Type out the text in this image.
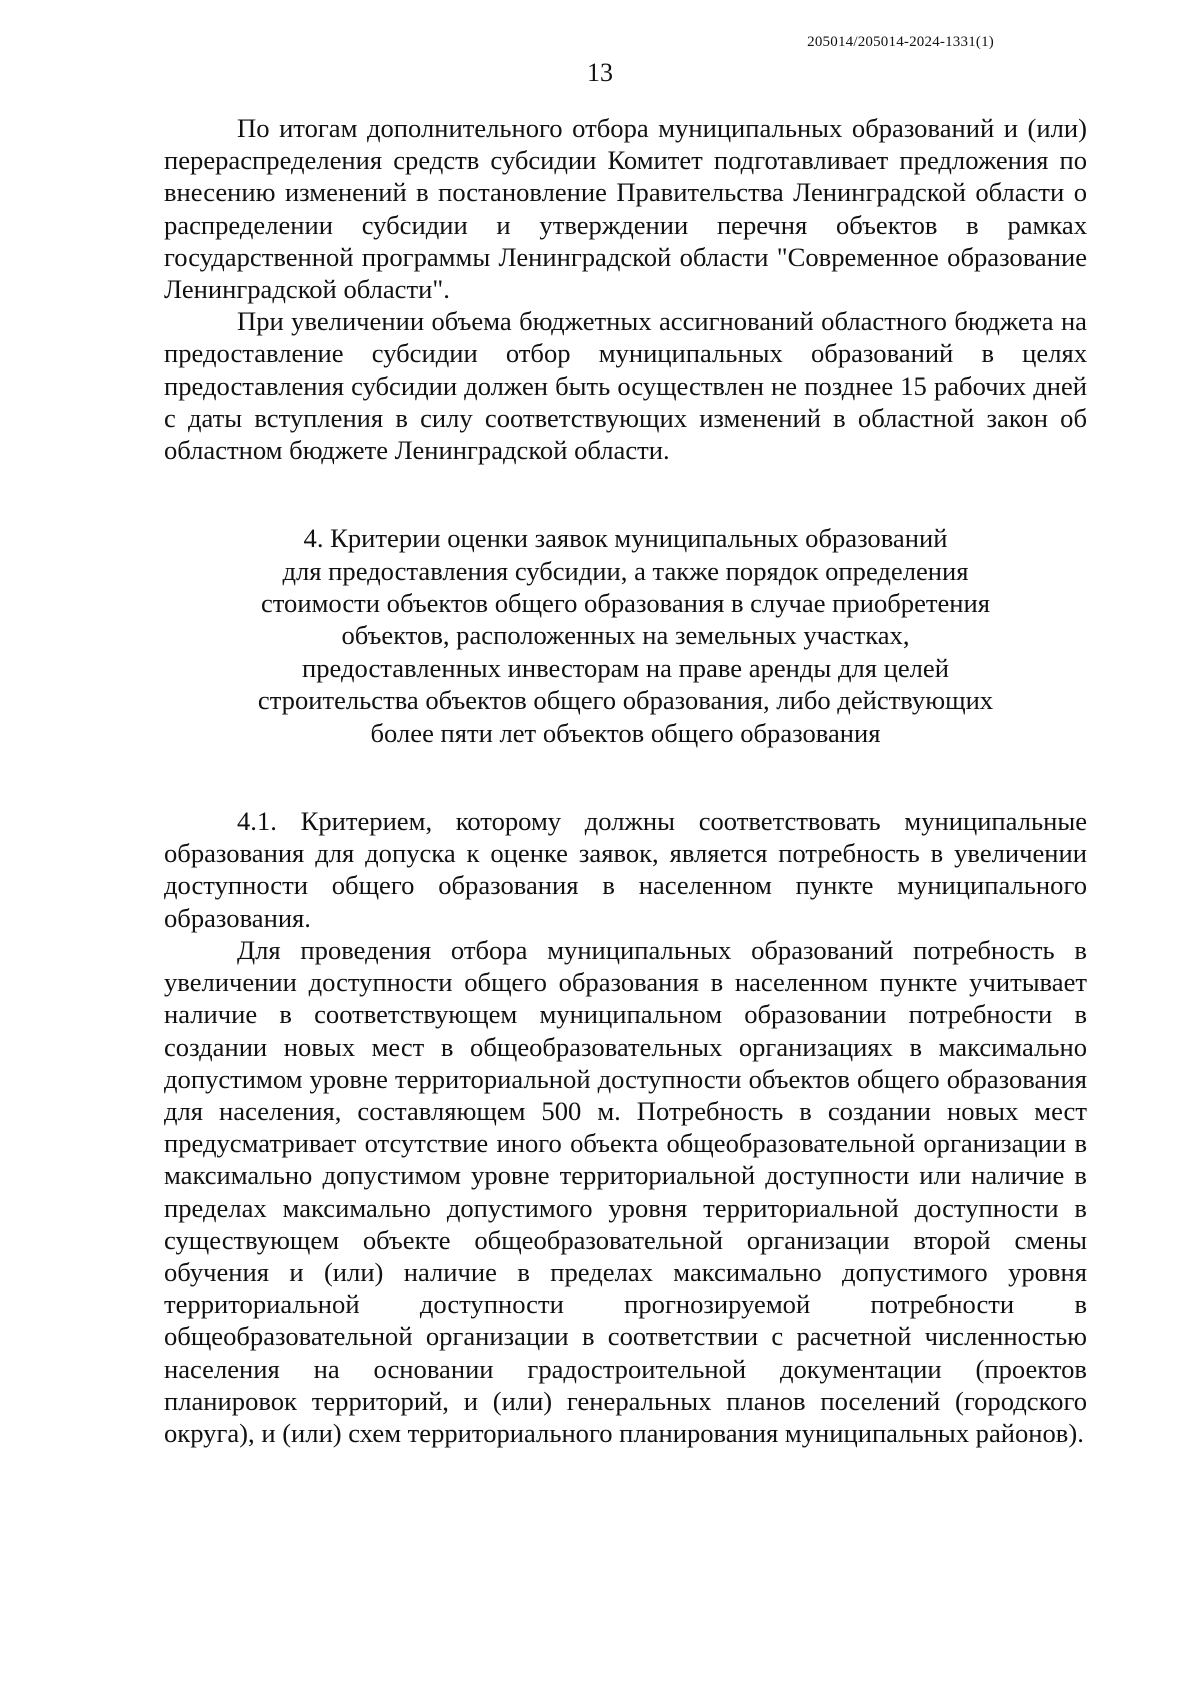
205014/205014-2024-1331(1)
13

По итогам дополнительного отбора муниципальных образований и (или) перераспределения средств субсидии Комитет подготавливает предложения по внесению изменений в постановление Правительства Ленинградской области о распределении субсидии и утверждении перечня объектов в рамках государственной программы Ленинградской области "Современное образование Ленинградской области".

При увеличении объема бюджетных ассигнований областного бюджета на предоставление субсидии отбор муниципальных образований в целях предоставления субсидии должен быть осуществлен не позднее 15 рабочих дней с даты вступления в силу соответствующих изменений в областной закон об областном бюджете Ленинградской области.

4. Критерии оценки заявок муниципальных образований
для предоставления субсидии, а также порядок определения
стоимости объектов общего образования в случае приобретения
объектов, расположенных на земельных участках,
предоставленных инвесторам на праве аренды для целей
строительства объектов общего образования, либо действующих
более пяти лет объектов общего образования

4.1. Критерием, которому должны соответствовать муниципальные образования для допуска к оценке заявок, является потребность в увеличении доступности общего образования в населенном пункте муниципального образования.

Для проведения отбора муниципальных образований потребность в увеличении доступности общего образования в населенном пункте учитывает наличие в соответствующем муниципальном образовании потребности в создании новых мест в общеобразовательных организациях в максимально допустимом уровне территориальной доступности объектов общего образования для населения, составляющем 500 м. Потребность в создании новых мест предусматривает отсутствие иного объекта общеобразовательной организации в максимально допустимом уровне территориальной доступности или наличие в пределах максимально допустимого уровня территориальной доступности в существующем объекте общеобразовательной организации второй смены обучения и (или) наличие в пределах максимально допустимого уровня территориальной доступности прогнозируемой потребности в общеобразовательной организации в соответствии с расчетной численностью населения на основании градостроительной документации (проектов планировок территорий, и (или) генеральных планов поселений (городского округа), и (или) схем территориального планирования муниципальных районов).
